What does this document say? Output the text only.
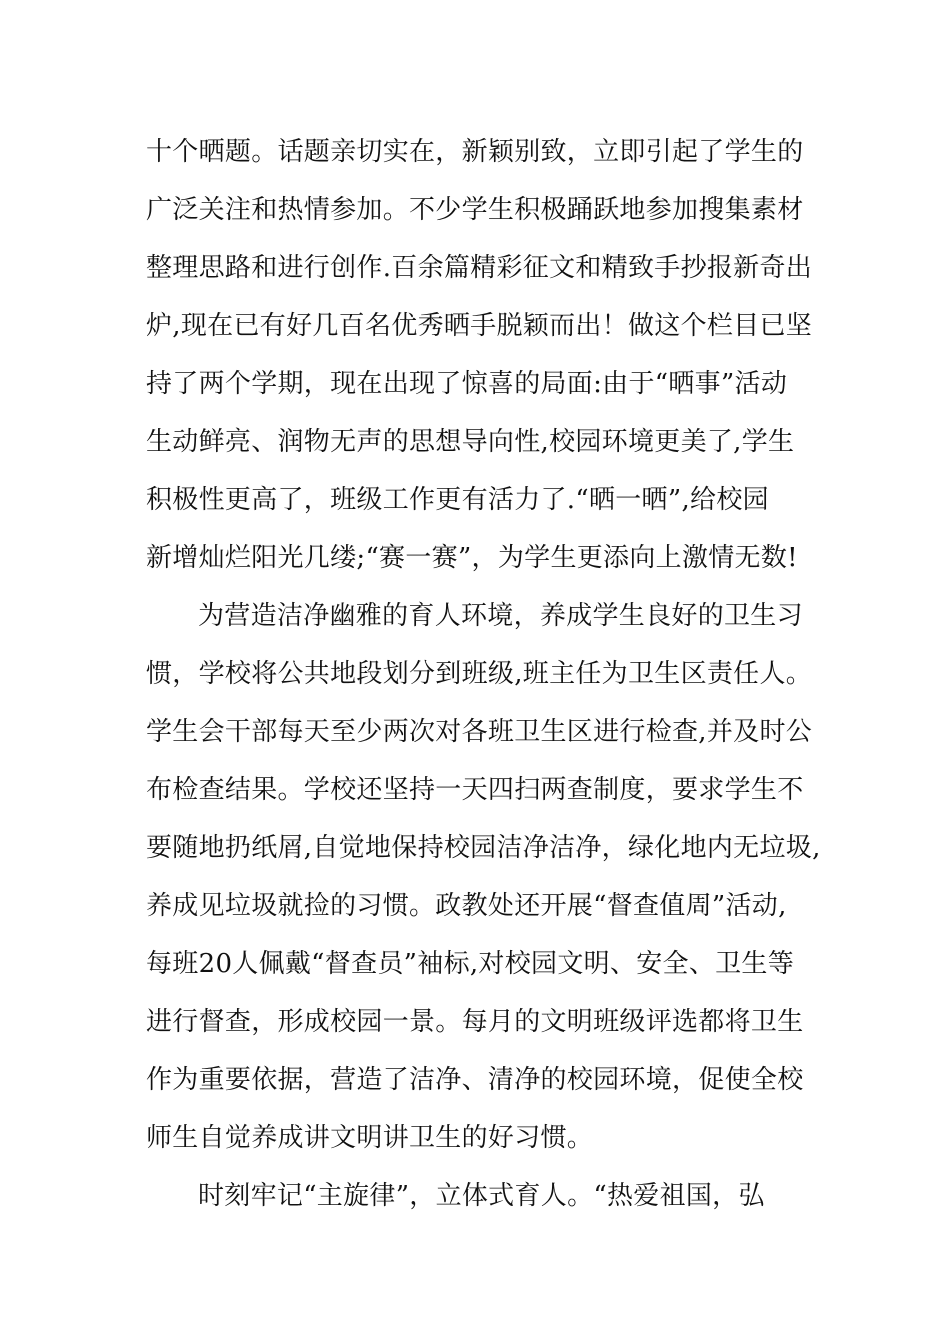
十个晒题。话题亲切实在，新颖别致，立即引起了学生的
广泛关注和热情参加。不少学生积极踊跃地参加搜集素材
整理思路和进行创作.百余篇精彩征文和精致手抄报新奇出
炉,现在已有好几百名优秀晒手脱颖而出！做这个栏目已坚
持了两个学期，现在出现了惊喜的局面:由于“晒事”活动
生动鲜亮、润物无声的思想导向性,校园环境更美了,学生
积极性更高了，班级工作更有活力了.“晒一晒”,给校园
新增灿烂阳光几缕;“赛一赛”，为学生更添向上激情无数!
为营造洁净幽雅的育人环境，养成学生良好的卫生习
惯，学校将公共地段划分到班级,班主任为卫生区责任人。
学生会干部每天至少两次对各班卫生区进行检查,并及时公
布检查结果。学校还坚持一天四扫两查制度，要求学生不
要随地扔纸屑,自觉地保持校园洁净洁净，绿化地内无垃圾,
养成见垃圾就捡的习惯。政教处还开展“督查值周”活动,
每班20人佩戴“督查员”袖标,对校园文明、安全、卫生等
进行督查，形成校园一景。每月的文明班级评选都将卫生
作为重要依据，营造了洁净、清净的校园环境，促使全校
师生自觉养成讲文明讲卫生的好习惯。
时刻牢记“主旋律”，立体式育人。“热爱祖国，弘
